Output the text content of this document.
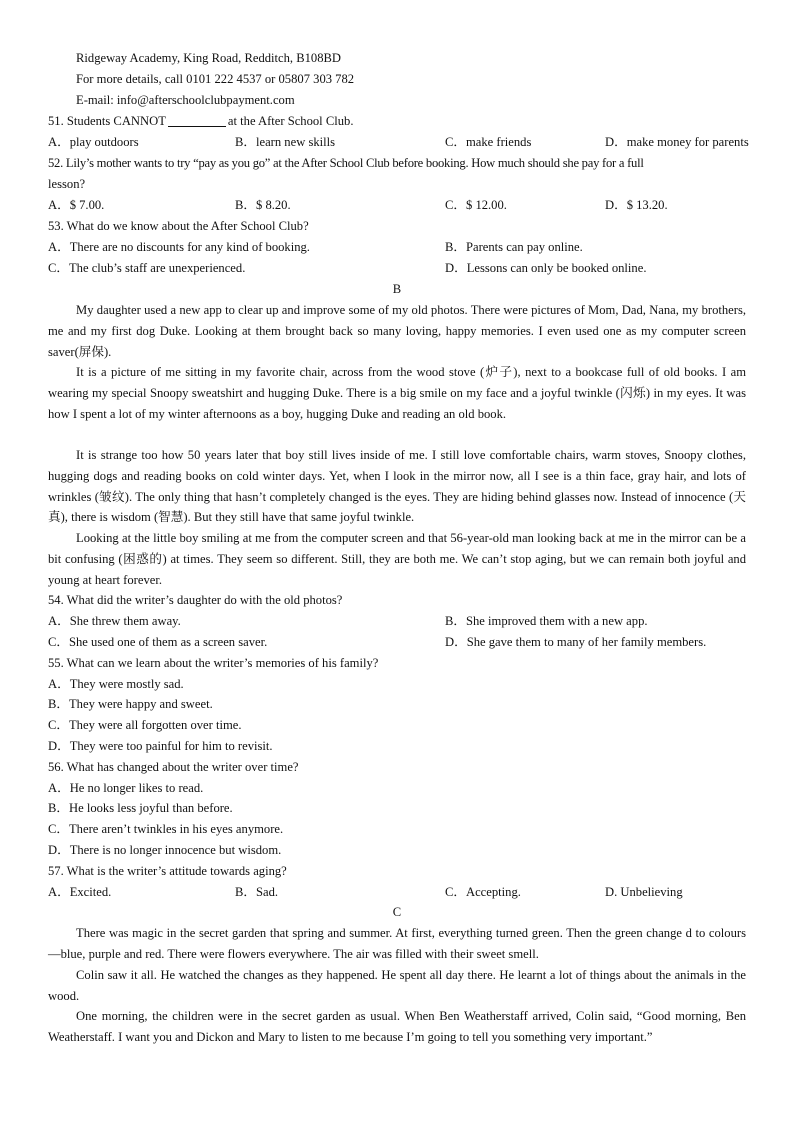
Ridgeway Academy, King Road, Redditch, B108BD
For more details, call 0101 222 4537 or 05807 303 782
E-mail: info@afterschoolclubpayment.com
51. Students CANNOT	at the After School Club.
A．play outdoors	B．learn new skills	C．make friends	D．make money for parents
52. Lily’s mother wants to try “pay as you go” at the After School Club before booking. How much should she pay for a full
lesson?
A．$ 7.00.	B．$ 8.20.	C．$ 12.00.	D．$ 13.20.
53. What do we know about the After School Club?
A．There are no discounts for any kind of booking.	B．Parents can pay online.
C．The club’s staff are unexperienced.	D．Lessons can only be booked online.
B
My daughter used a new app to clear up and improve some of my old photos. There were pictures of Mom, Dad, Nana, my brothers, me and my first dog Duke. Looking at them brought back so many loving, happy memories. I even used one as my computer screen saver(屏保).
It is a picture of me sitting in my favorite chair, across from the wood stove (炉子), next to a bookcase full of old books. I am wearing my special Snoopy sweatshirt and hugging Duke. There is a big smile on my face and a joyful twinkle (闪烁) in my eyes. It was how I spent a lot of my winter afternoons as a boy, hugging Duke and reading an old book.
It is strange too how 50 years later that boy still lives inside of me. I still love comfortable chairs, warm stoves, Snoopy clothes, hugging dogs and reading books on cold winter days. Yet, when I look in the mirror now, all I see is a thin face, gray hair, and lots of wrinkles (皱纹). The only thing that hasn’t completely changed is the eyes. They are hiding behind glasses now. Instead of innocence (天真), there is wisdom (智慧). But they still have that same joyful twinkle.
Looking at the little boy smiling at me from the computer screen and that 56-year-old man looking back at me in the mirror can be a bit confusing (困惑的) at times. They seem so different. Still, they are both me. We can’t stop aging, but we can remain both joyful and young at heart forever.
54. What did the writer’s daughter do with the old photos?
A．She threw them away.	B．She improved them with a new app.
C．She used one of them as a screen saver.	D．She gave them to many of her family members.
55. What can we learn about the writer’s memories of his family?
A．They were mostly sad.
B．They were happy and sweet.
C．They were all forgotten over time.
D．They were too painful for him to revisit.
56. What has changed about the writer over time?
A．He no longer likes to read.
B．He looks less joyful than before.
C．There aren’t twinkles in his eyes anymore.
D．There is no longer innocence but wisdom.
57. What is the writer’s attitude towards aging?
A．Excited.	B．Sad.	C．Accepting.	D. Unbelieving
C
There was magic in the secret garden that spring and summer. At first, everything turned green. Then the green change d to colours—blue, purple and red. There were flowers everywhere. The air was filled with their sweet smell.
Colin saw it all. He watched the changes as they happened. He spent all day there. He learnt a lot of things about the animals in the wood.
One morning, the children were in the secret garden as usual. When Ben Weatherstaff arrived, Colin said, “Good morning, Ben Weatherstaff. I want you and Dickon and Mary to listen to me because I’m going to tell you something very important.”
